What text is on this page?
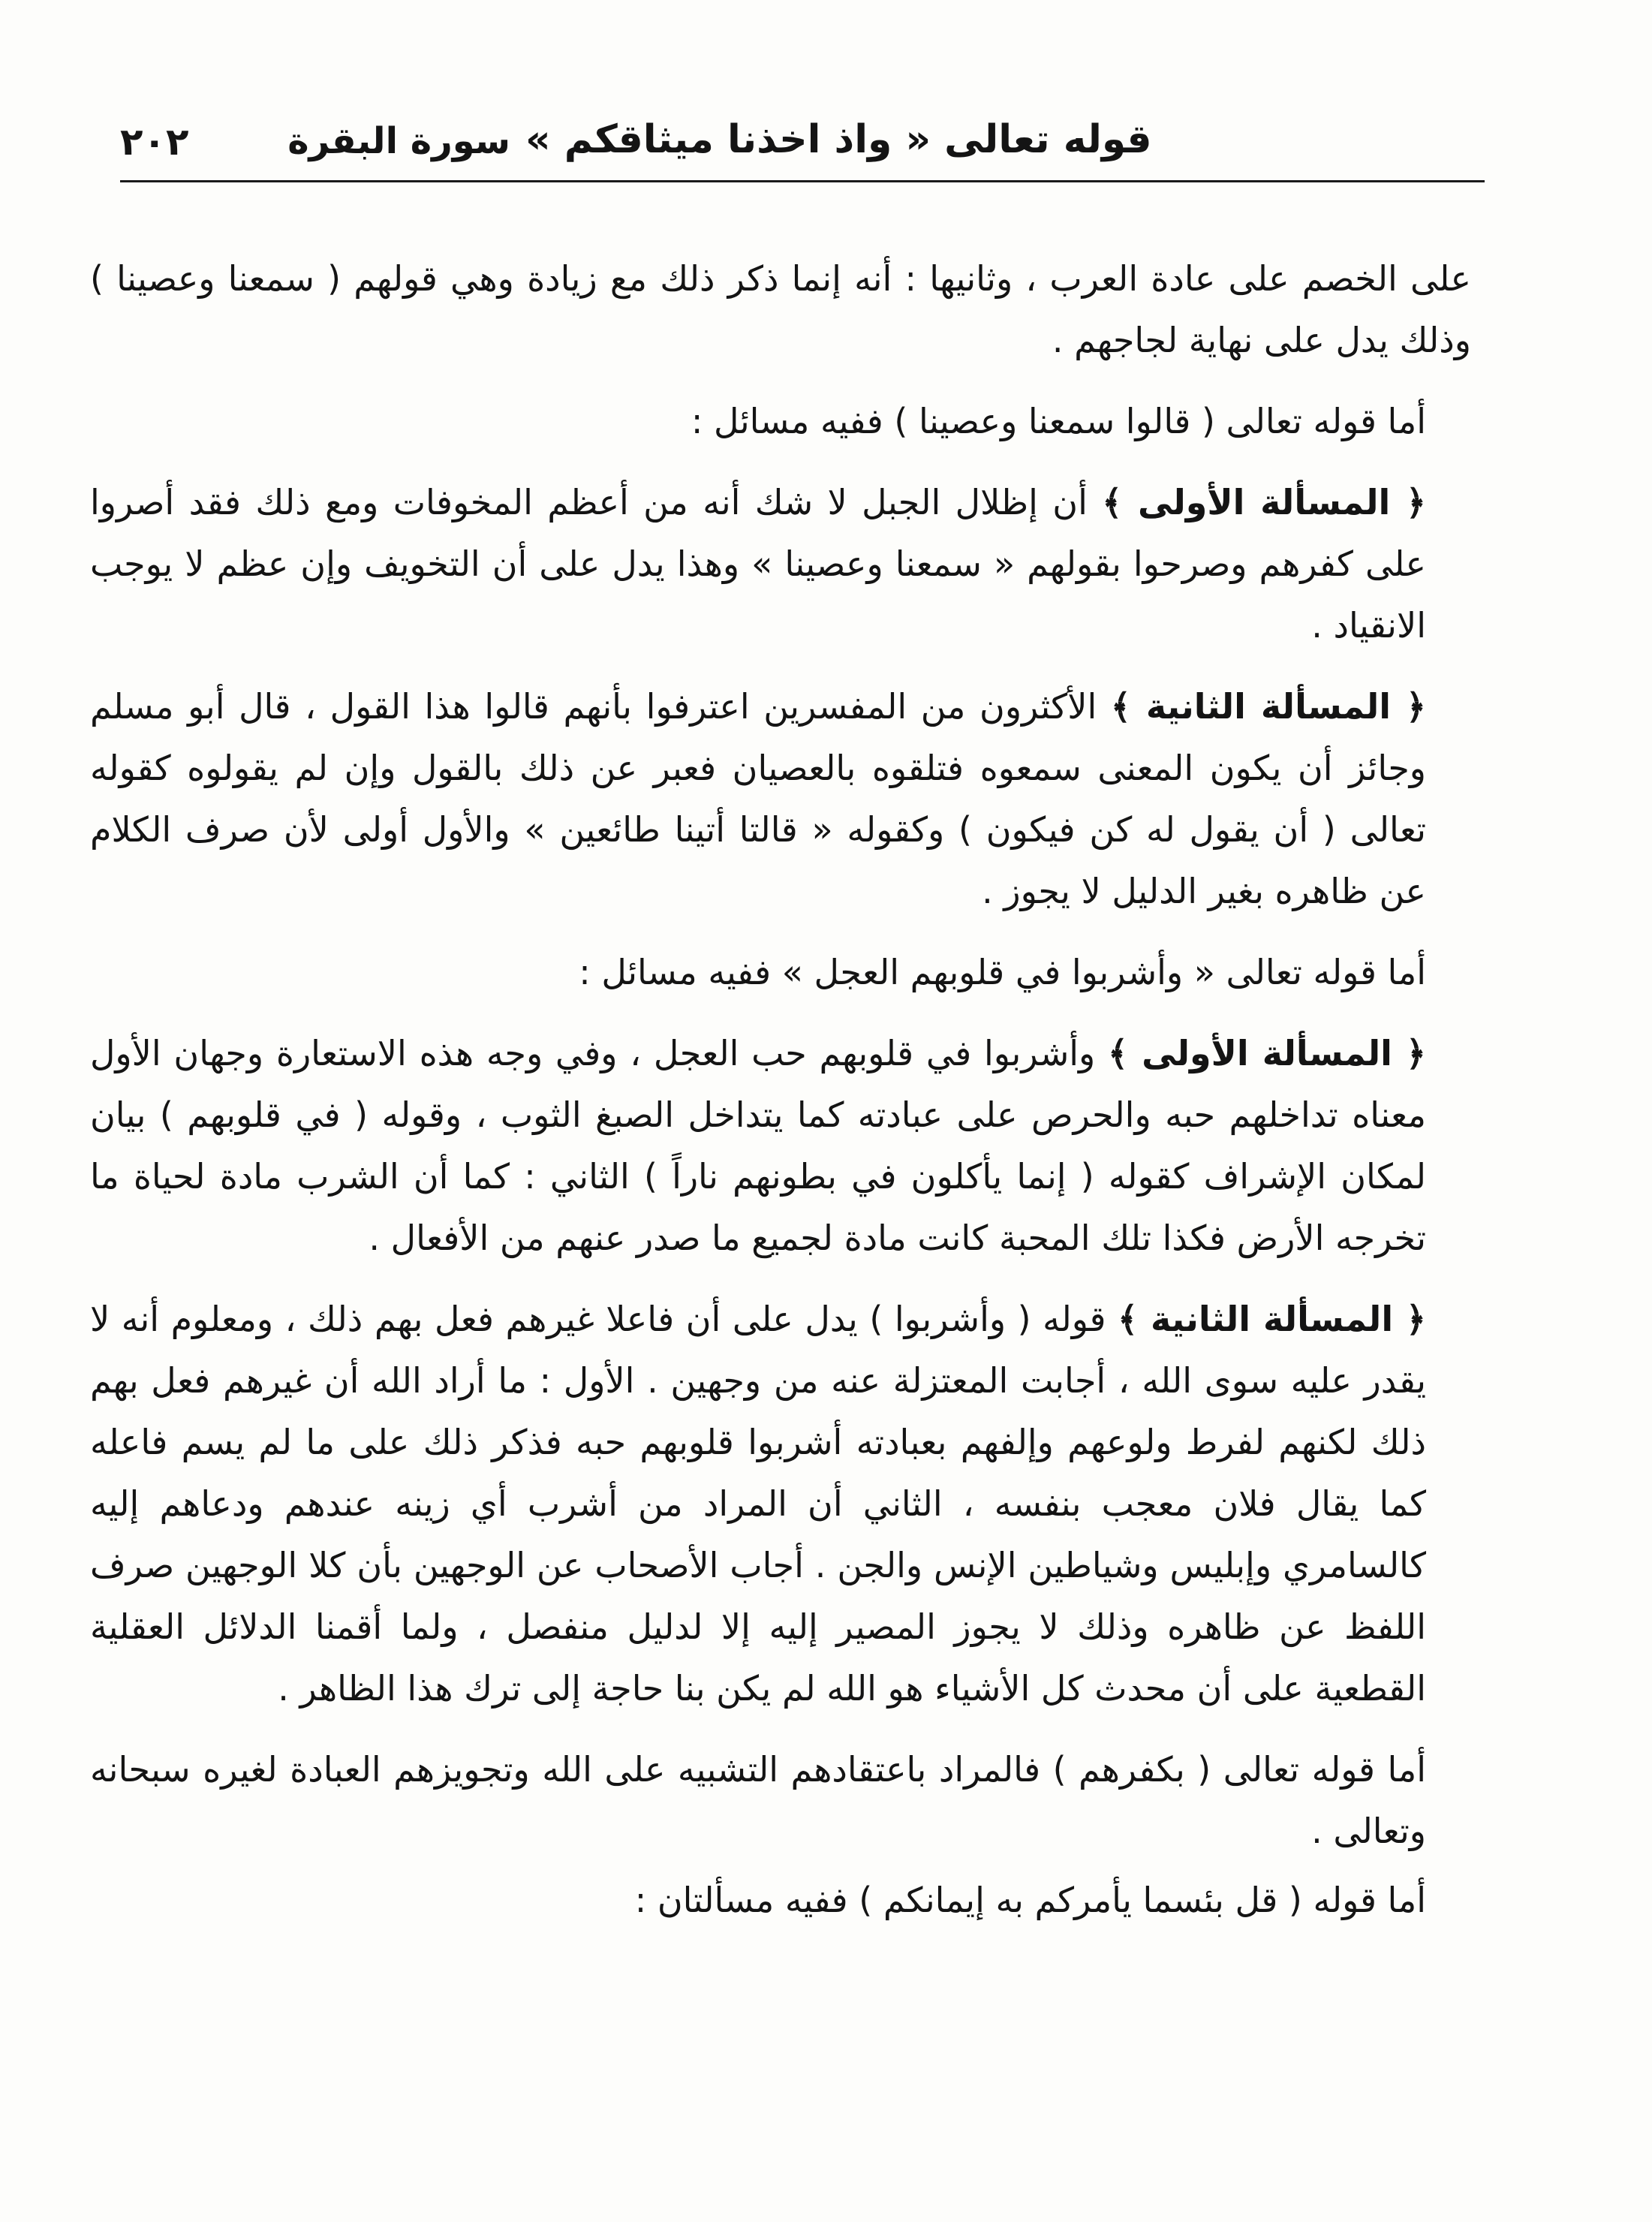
٢٠٢	سورة البقرة قوله تعالى « واذ اخذنا ميثاقكم »

على الخصم على عادة العرب ، وثانيها : أنه إنما ذكر ذلك مع زيادة وهي قولهم ( سمعنا وعصينا ) وذلك يدل على نهاية لجاجهم .

أما قوله تعالى ( قالوا سمعنا وعصينا ) ففيه مسائل :

﴿ المسألة الأولى ﴾ أن إظلال الجبل لا شك أنه من أعظم المخوفات ومع ذلك فقد أصروا على كفرهم وصرحوا بقولهم « سمعنا وعصينا » وهذا يدل على أن التخويف وإن عظم لا يوجب الانقياد .

﴿ المسألة الثانية ﴾ الأكثرون من المفسرين اعترفوا بأنهم قالوا هذا القول ، قال أبو مسلم وجائز أن يكون المعنى سمعوه فتلقوه بالعصيان فعبر عن ذلك بالقول وإن لم يقولوه كقوله تعالى ( أن يقول له كن فيكون ) وكقوله « قالتا أتينا طائعين » والأول أولى لأن صرف الكلام عن ظاهره بغير الدليل لا يجوز .

أما قوله تعالى « وأشربوا في قلوبهم العجل » ففيه مسائل :

﴿ المسألة الأولى ﴾ وأشربوا في قلوبهم حب العجل ، وفي وجه هذه الاستعارة وجهان الأول معناه تداخلهم حبه والحرص على عبادته كما يتداخل الصبغ الثوب ، وقوله ( في قلوبهم ) بيان لمكان الإشراف كقوله ( إنما يأكلون في بطونهم ناراً ) الثاني : كما أن الشرب مادة لحياة ما تخرجه الأرض فكذا تلك المحبة كانت مادة لجميع ما صدر عنهم من الأفعال .

﴿ المسألة الثانية ﴾ قوله ( وأشربوا ) يدل على أن فاعلا غيرهم فعل بهم ذلك ، ومعلوم أنه لا يقدر عليه سوى الله ، أجابت المعتزلة عنه من وجهين . الأول : ما أراد الله أن غيرهم فعل بهم ذلك لكنهم لفرط ولوعهم وإلفهم بعبادته أشربوا قلوبهم حبه فذكر ذلك على ما لم يسم فاعله كما يقال فلان معجب بنفسه ، الثاني أن المراد من أشرب أي زينه عندهم ودعاهم إليه كالسامري وإبليس وشياطين الإنس والجن . أجاب الأصحاب عن الوجهين بأن كلا الوجهين صرف اللفظ عن ظاهره وذلك لا يجوز المصير إليه إلا لدليل منفصل ، ولما أقمنا الدلائل العقلية القطعية على أن محدث كل الأشياء هو الله لم يكن بنا حاجة إلى ترك هذا الظاهر .

أما قوله تعالى ( بكفرهم ) فالمراد باعتقادهم التشبيه على الله وتجويزهم العبادة لغيره سبحانه وتعالى .

أما قوله ( قل بئسما يأمركم به إيمانكم ) ففيه مسألتان :
